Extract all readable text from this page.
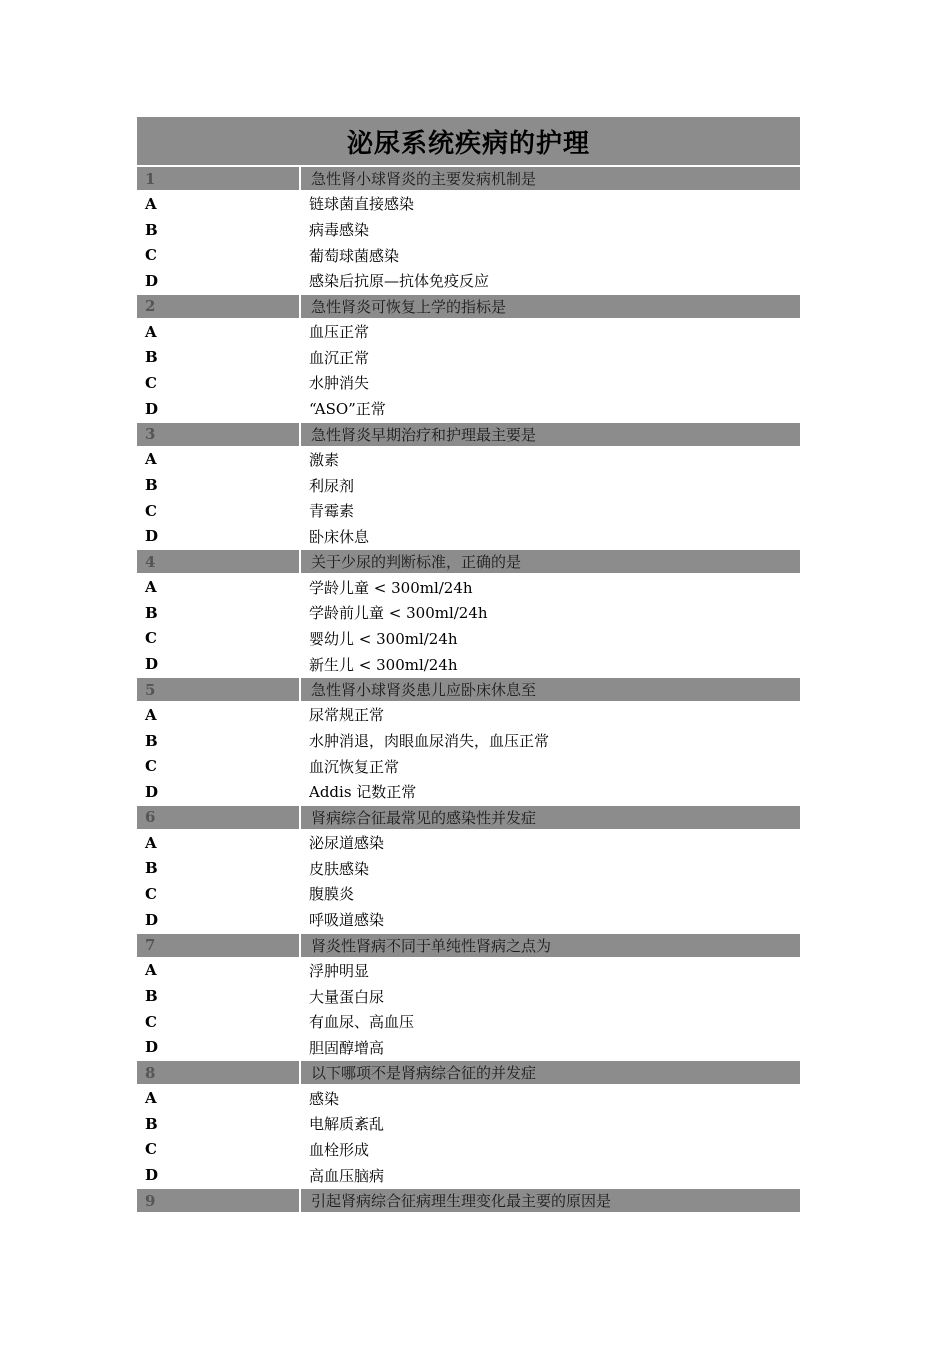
泌尿系统疾病的护理
1	急性肾小球肾炎的主要发病机制是
A	链球菌直接感染
B	病毒感染
C	葡萄球菌感染
D	感染后抗原—抗体免疫反应
2	急性肾炎可恢复上学的指标是
A	血压正常
B	血沉正常
C	水肿消失
D	“ASO”正常
3	急性肾炎早期治疗和护理最主要是
A	激素
B	利尿剂
C	青霉素
D	卧床休息
4	关于少尿的判断标准，正确的是
A	学龄儿童 < 300ml/24h
B	学龄前儿童 < 300ml/24h
C	婴幼儿 < 300ml/24h
D	新生儿 < 300ml/24h
5	急性肾小球肾炎患儿应卧床休息至
A	尿常规正常
B	水肿消退，肉眼血尿消失，血压正常
C	血沉恢复正常
D	Addis 记数正常
6	肾病综合征最常见的感染性并发症
A	泌尿道感染
B	皮肤感染
C	腹膜炎
D	呼吸道感染
7	肾炎性肾病不同于单纯性肾病之点为
A	浮肿明显
B	大量蛋白尿
C	有血尿、高血压
D	胆固醇增高
8	以下哪项不是肾病综合征的并发症
A	感染
B	电解质紊乱
C	血栓形成
D	高血压脑病
9	引起肾病综合征病理生理变化最主要的原因是
